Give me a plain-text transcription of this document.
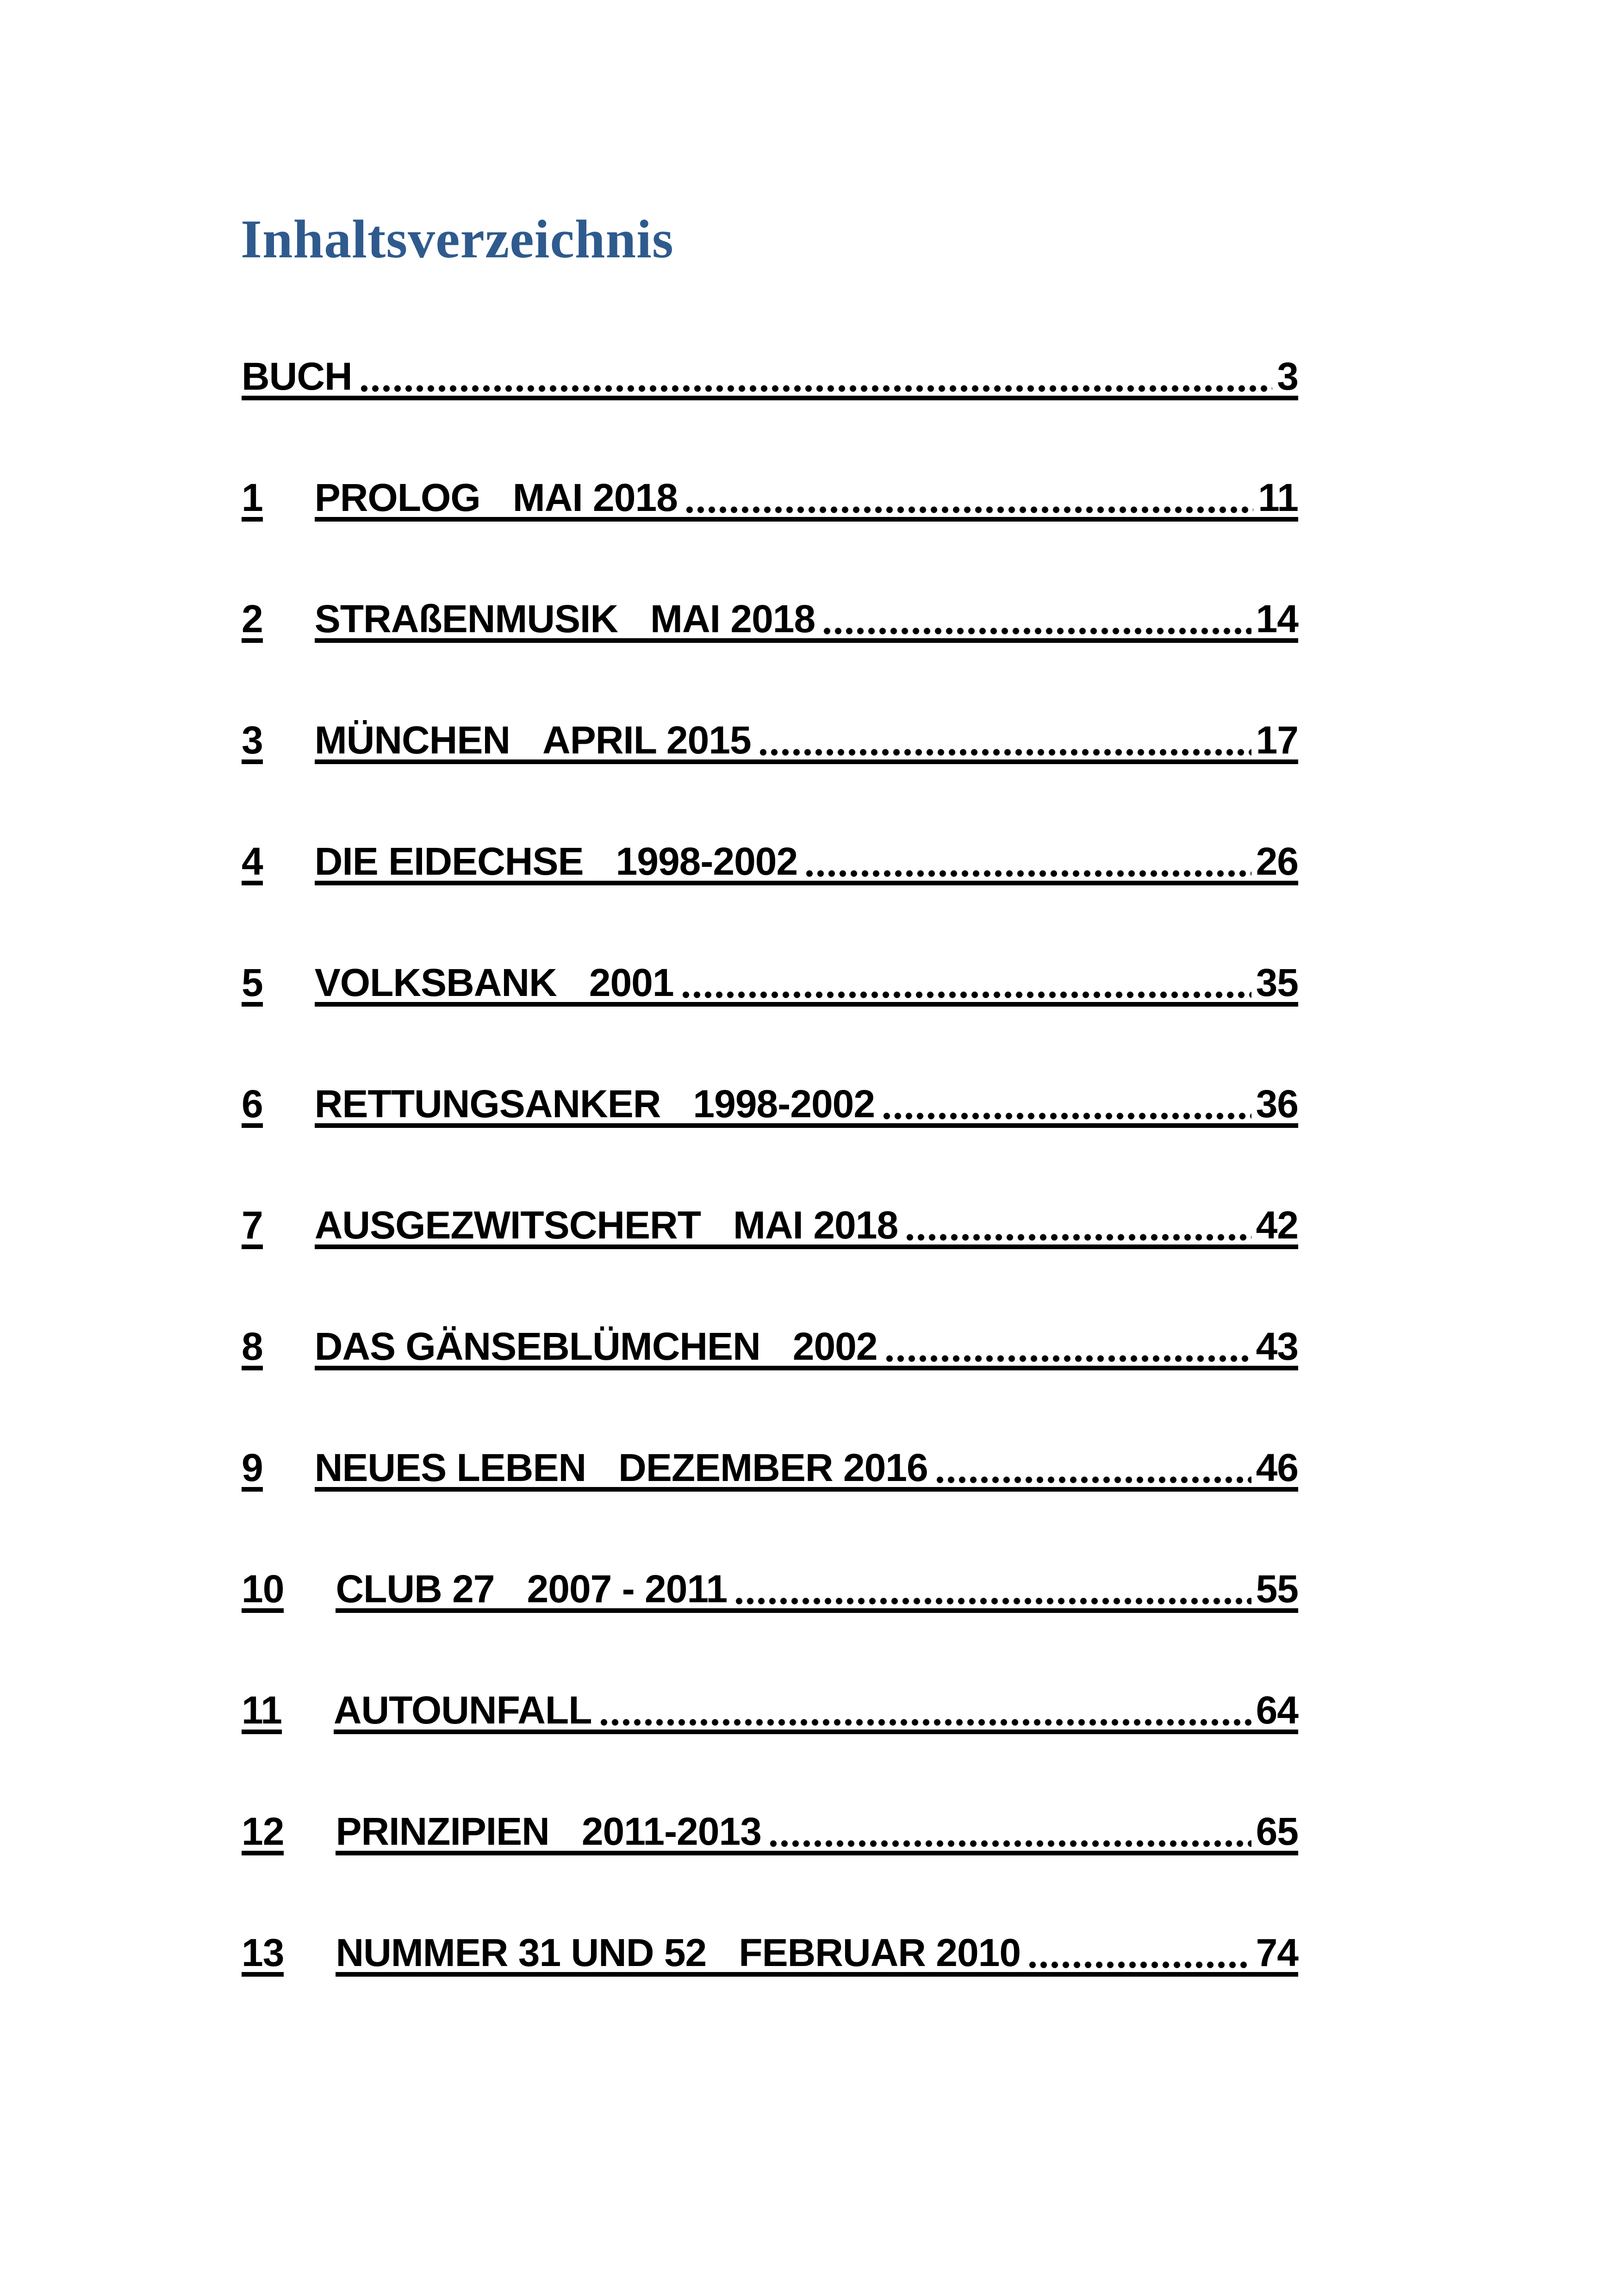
Inhaltsverzeichnis
BUCH	3
1 PROLOG MAI 2018	11
2 STRAßENMUSIK MAI 2018	14
3 MÜNCHEN APRIL 2015	17
4 DIE EIDECHSE 1998-2002	26
5 VOLKSBANK 2001	35
6 RETTUNGSANKER 1998-2002	36
7 AUSGEZWITSCHERT MAI 2018	42
8 DAS GÄNSEBLÜMCHEN 2002	43
9 NEUES LEBEN DEZEMBER 2016	46
10 CLUB 27 2007 - 2011	55
11 AUTOUNFALL	64
12 PRINZIPIEN 2011-2013	65
13 NUMMER 31 UND 52 FEBRUAR 2010	74
